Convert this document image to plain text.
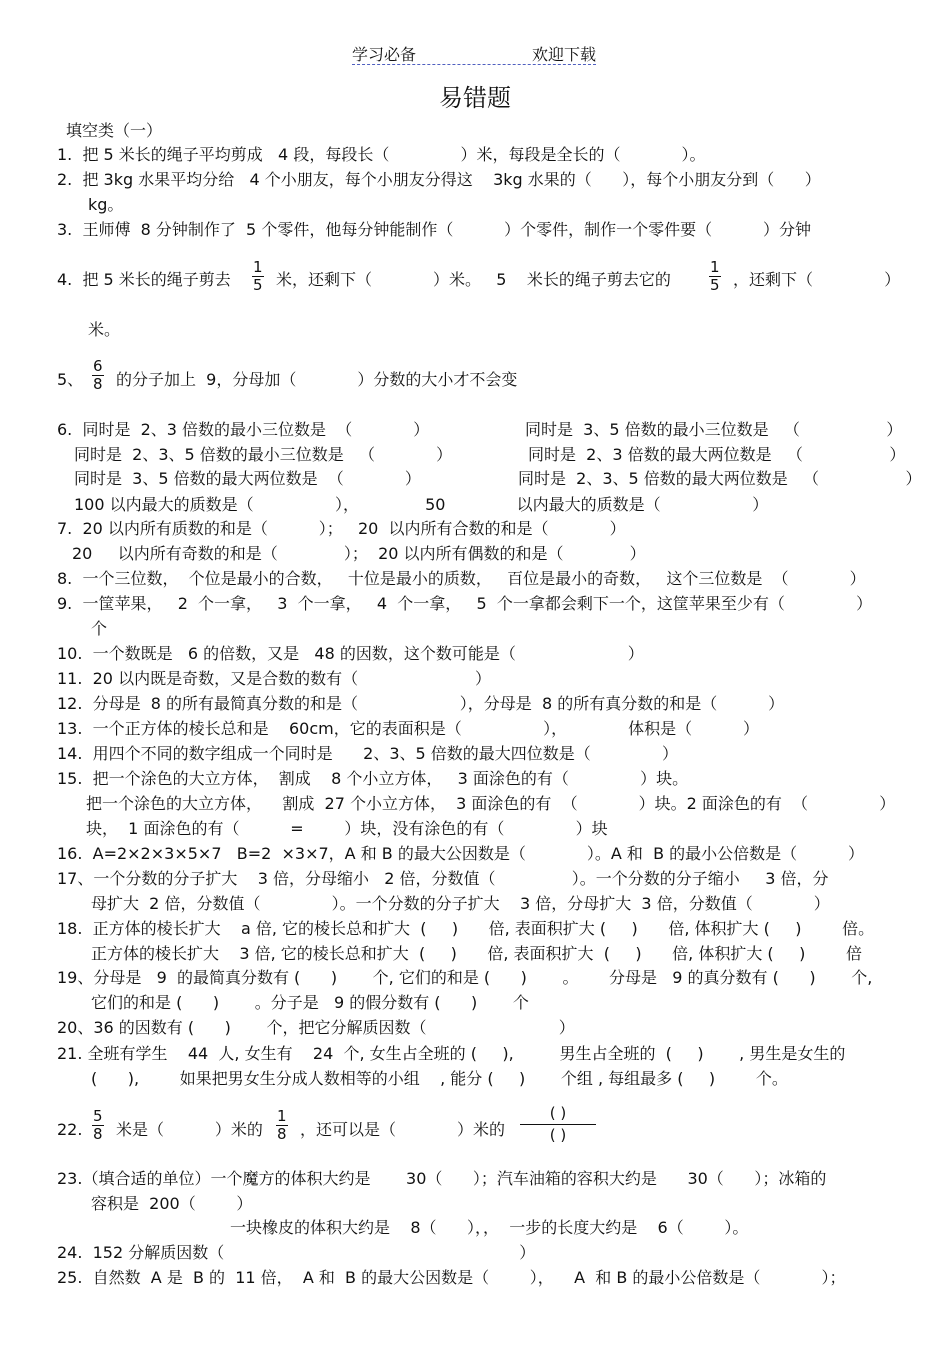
学习必备	欢迎下载
易错题
填空类（一）
1.  把 5 米长的绳子平均剪成   4 段，每段长（              ）米，每段是全长的（            ）。
2.  把 3kg 水果平均分给   4 个小朋友，每个小朋友分得这    3kg 水果的（      ），每个小朋友分到（      ）
kg。
3.  王师傅  8 分钟制作了  5 个零件，他每分钟能制作（          ）个零件，制作一个零件要（          ）分钟
4.  把 5 米长的绳子剪去 $\frac{1}{5}$ 米，还剩下（            ）米。   5    米长的绳子剪去它的	$\frac{1}{5}$ ，还剩下（              ）
米。
5、 $\frac{6}{8}$ 的分子加上  9，分母加（            ）分数的大小才不会变
6.  同时是  2、3 倍数的最小三位数是  （            ）	同时是  3、5 倍数的最小三位数是   （                 ）
同时是  2、3、5 倍数的最小三位数是   （            ）	同时是  2、3 倍数的最大两位数是   （                 ）
同时是  3、5 倍数的最大两位数是  （            ）	同时是  2、3、5 倍数的最大两位数是   （                 ）
100 以内最大的质数是（                ），             50              以内最大的质数是（                  ）
7.  20 以内所有质数的和是（          ）；   20  以内所有合数的和是（            ）
20     以内所有奇数的和是（             ）；  20 以内所有偶数的和是（             ）
8.  一个三位数，  个位是最小的合数，   十位是最小的质数，   百位是最小的奇数，   这个三位数是  （            ）
9.  一筐苹果，   2  个一拿，   3  个一拿，   4  个一拿，   5  个一拿都会剩下一个，这筐苹果至少有（              ）
个
10.  一个数既是   6 的倍数，又是   48 的因数，这个数可能是（                      ）
11.  20 以内既是奇数，又是合数的数有（                       ）
12.  分母是  8 的所有最简真分数的和是（                    ），分母是  8 的所有真分数的和是（          ）
13.  一个正方体的棱长总和是    60cm，它的表面积是（                ），            体积是（          ）
14.  用四个不同的数字组成一个同时是      2、3、5 倍数的最大四位数是（              ）
15.  把一个涂色的大立方体，  割成    8 个小立方体，   3 面涂色的有（              ）块。
把一个涂色的大立方体，    割成  27 个小立方体，  3 面涂色的有  （            ）块。2 面涂色的有  （              ）
块，  1 面涂色的有（          =        ）块，没有涂色的有（              ）块
16.  A=2×2×3×5×7   B=2  ×3×7，A 和 B 的最大公因数是（            ）。A 和  B 的最小公倍数是（          ）
17、一个分数的分子扩大    3 倍，分母缩小   2 倍，分数值（               ）。一个分数的分子缩小     3 倍，分
母扩大  2 倍，分数值（              ）。一个分数的分子扩大    3 倍，分母扩大  3 倍，分数值（            ）
18.  正方体的棱长扩大    a 倍, 它的棱长总和扩大  (     )      倍, 表面积扩大 (     )      倍, 体积扩大 (     )        倍。
正方体的棱长扩大    3 倍, 它的棱长总和扩大  (     )      倍, 表面积扩大  (     )      倍, 体积扩大 (     )        倍
19、分母是   9  的最简真分数有 (      )       个, 它们的和是 (      )       。      分母是   9 的真分数有 (      )       个,
它们的和是 (      )       。分子是   9 的假分数有 (      )       个
20、36 的因数有 (      )       个，把它分解质因数（                          ）
21. 全班有学生    44  人, 女生有    24  个, 女生占全班的 (     ),         男生占全班的  (     )       , 男生是女生的
(      ),        如果把男女生分成人数相等的小组    , 能分 (     )       个组 , 每组最多 (     )        个。
22. $\frac{5}{8}$ 米是（          ）米的 $\frac{1}{8}$ ，还可以是（            ）米的
( )
( )
23.（填合适的单位）一个魔方的体积大约是       30（      ）；汽车油箱的容积大约是      30（      ）；冰箱的
容积是  200（        ）
一块橡皮的体积大约是    8（      ），，  一步的长度大约是    6（        ）。
24.  152 分解质因数（                                                          ）
25.  自然数  A 是  B 的  11 倍，  A 和  B 的最大公因数是（        ），    A  和 B 的最小公倍数是（            ）；
